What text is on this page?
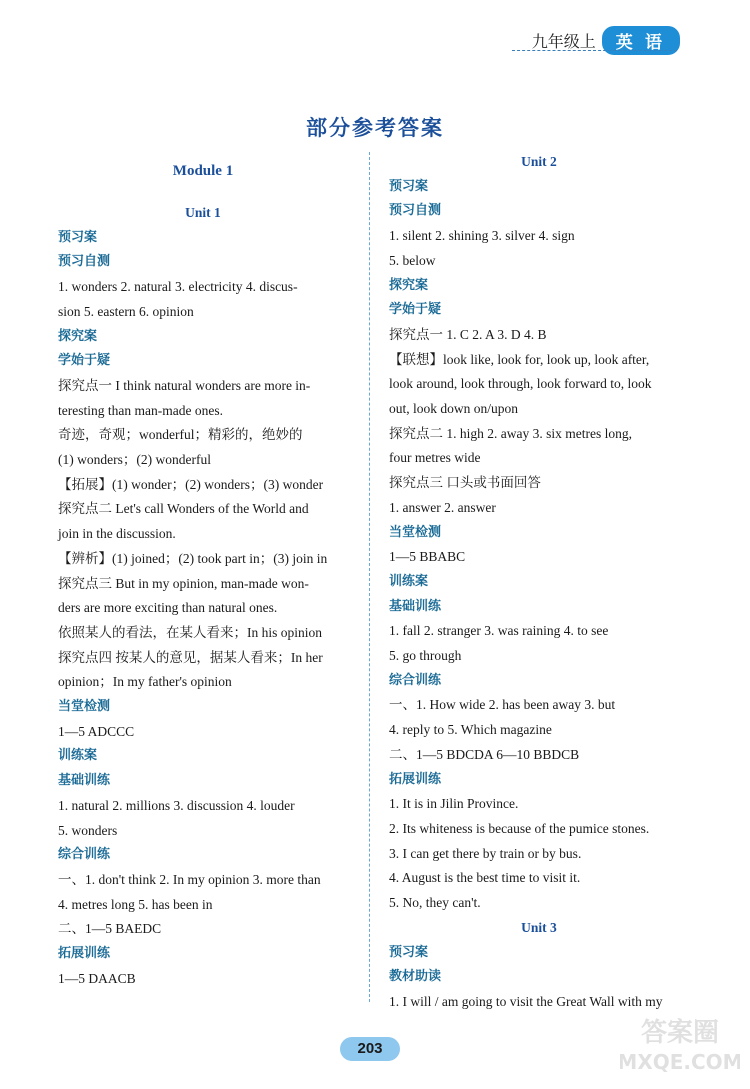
九年级上	英 语
部分参考答案
Module 1
Unit 1
预习案
预习自测
1. wonders 2. natural 3. electricity 4. discus-
sion 5. eastern 6. opinion
探究案
学始于疑
探究点一 I think natural wonders are more in-
teresting than man-made ones.
奇迹，奇观；wonderful；精彩的，绝妙的
(1) wonders；(2) wonderful
【拓展】(1) wonder；(2) wonders；(3) wonder
探究点二 Let's call Wonders of the World and
join in the discussion.
【辨析】(1) joined；(2) took part in；(3) join in
探究点三 But in my opinion, man-made won-
ders are more exciting than natural ones.
依照某人的看法，在某人看来；In his opinion
探究点四 按某人的意见，据某人看来；In her
opinion；In my father's opinion
当堂检测
1—5 ADCCC
训练案
基础训练
1. natural 2. millions 3. discussion 4. louder
5. wonders
综合训练
一、1. don't think 2. In my opinion 3. more than
4. metres long 5. has been in
二、1—5 BAEDC
拓展训练
1—5 DAACB
Unit 2
预习案
预习自测
1. silent 2. shining 3. silver 4. sign
5. below
探究案
学始于疑
探究点一 1. C 2. A 3. D 4. B
【联想】look like, look for, look up, look after,
look around, look through, look forward to, look
out, look down on/upon
探究点二 1. high 2. away 3. six metres long,
four metres wide
探究点三 口头或书面回答
1. answer 2. answer
当堂检测
1—5 BBABC
训练案
基础训练
1. fall 2. stranger 3. was raining 4. to see
5. go through
综合训练
一、1. How wide 2. has been away 3. but
4. reply to 5. Which magazine
二、1—5 BDCDA 6—10 BBDCB
拓展训练
1. It is in Jilin Province.
2. Its whiteness is because of the pumice stones.
3. I can get there by train or by bus.
4. August is the best time to visit it.
5. No, they can't.
Unit 3
预习案
教材助读
1. I will / am going to visit the Great Wall with my
203
答案圈
MXQE.COM
